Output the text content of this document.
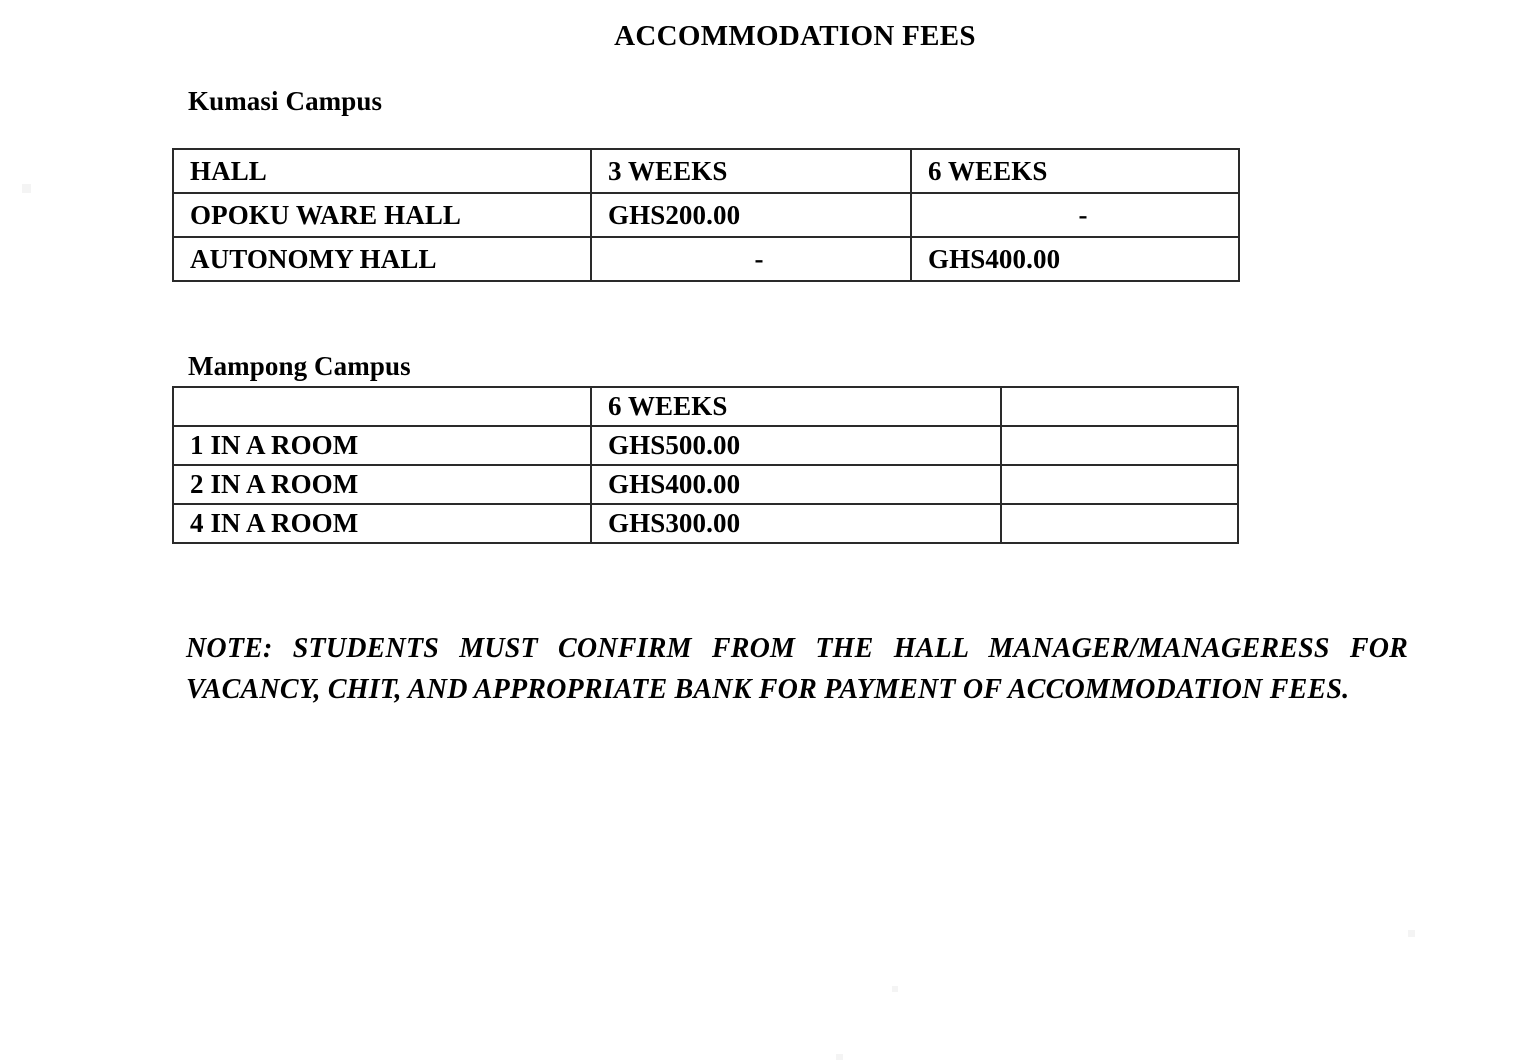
ACCOMMODATION FEES
Kumasi Campus
HALL	3 WEEKS	6 WEEKS
OPOKU WARE HALL	GHS200.00	-
AUTONOMY HALL	-	GHS400.00
Mampong Campus
	6 WEEKS	
1 IN A ROOM	GHS500.00	
2 IN A ROOM	GHS400.00	
4 IN A ROOM	GHS300.00	

NOTE: STUDENTS MUST CONFIRM FROM THE HALL MANAGER/MANAGERESS FOR VACANCY, CHIT, AND APPROPRIATE BANK FOR PAYMENT OF ACCOMMODATION FEES.
